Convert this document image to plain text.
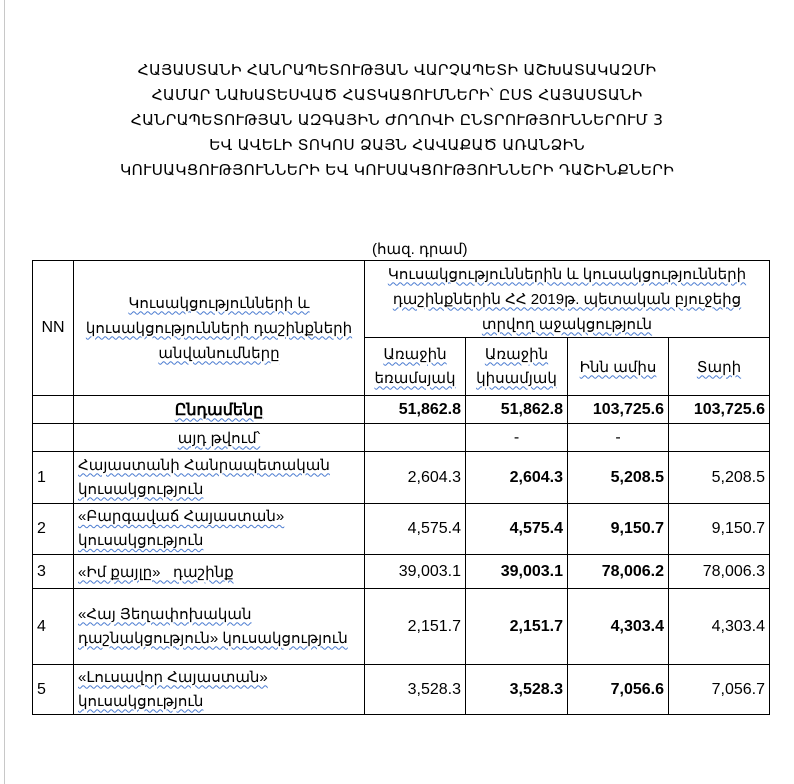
ՀԱՅԱՍՏԱՆԻ ՀԱՆՐԱՊԵՏՈՒԹՅԱՆ ՎԱՐՉԱՊԵՏԻ ԱՇԽԱՏԱԿԱԶՄԻ
ՀԱՄԱՐ ՆԱԽԱՏԵՍՎԱԾ ՀԱՏԿԱՑՈՒՄՆԵՐԻ՝ ԸՍՏ ՀԱՅԱՍՏԱՆԻ
ՀԱՆՐԱՊԵՏՈՒԹՅԱՆ ԱԶԳԱՅԻՆ ԺՈՂՈՎԻ ԸՆՏՐՈՒԹՅՈՒՆՆԵՐՈՒՄ 3
ԵՎ ԱՎԵԼԻ ՏՈԿՈՍ ՁԱՅՆ ՀԱՎԱՔԱԾ ԱՌԱՆՁԻՆ
ԿՈՒՍԱԿՑՈՒԹՅՈՒՆՆԵՐԻ ԵՎ ԿՈՒՍԱԿՑՈՒԹՅՈՒՆՆԵՐԻ ԴԱՇԻՆՔՆԵՐԻ
(հազ. դրամ)
NN	Կուսակցությունների և կուսակցությունների դաշինքների անվանումները	Կուսակցություններին և կուսակցությունների դաշինքներին ՀՀ 2019թ. պետական բյուջեից տրվող աջակցություն			
		Առաջին եռամսյակ	Առաջին կիսամյակ	Ինն ամիս	Տարի
	Ընդամենը	51,862.8	51,862.8	103,725.6	103,725.6
	այդ թվում՝		-	-	
1	Հայաստանի Հանրապետական կուսակցություն	2,604.3	2,604.3	5,208.5	5,208.5
2	«Բարգավաճ Հայաստան» կուսակցություն	4,575.4	4,575.4	9,150.7	9,150.7
3	«Իմ քայլը»   դաշինք	39,003.1	39,003.1	78,006.2	78,006.3
4	«Հայ Յեղափոխական դաշնակցություն» կուսակցություն	2,151.7	2,151.7	4,303.4	4,303.4
5	«Լուսավոր Հայաստան» կուսակցություն	3,528.3	3,528.3	7,056.6	7,056.7
